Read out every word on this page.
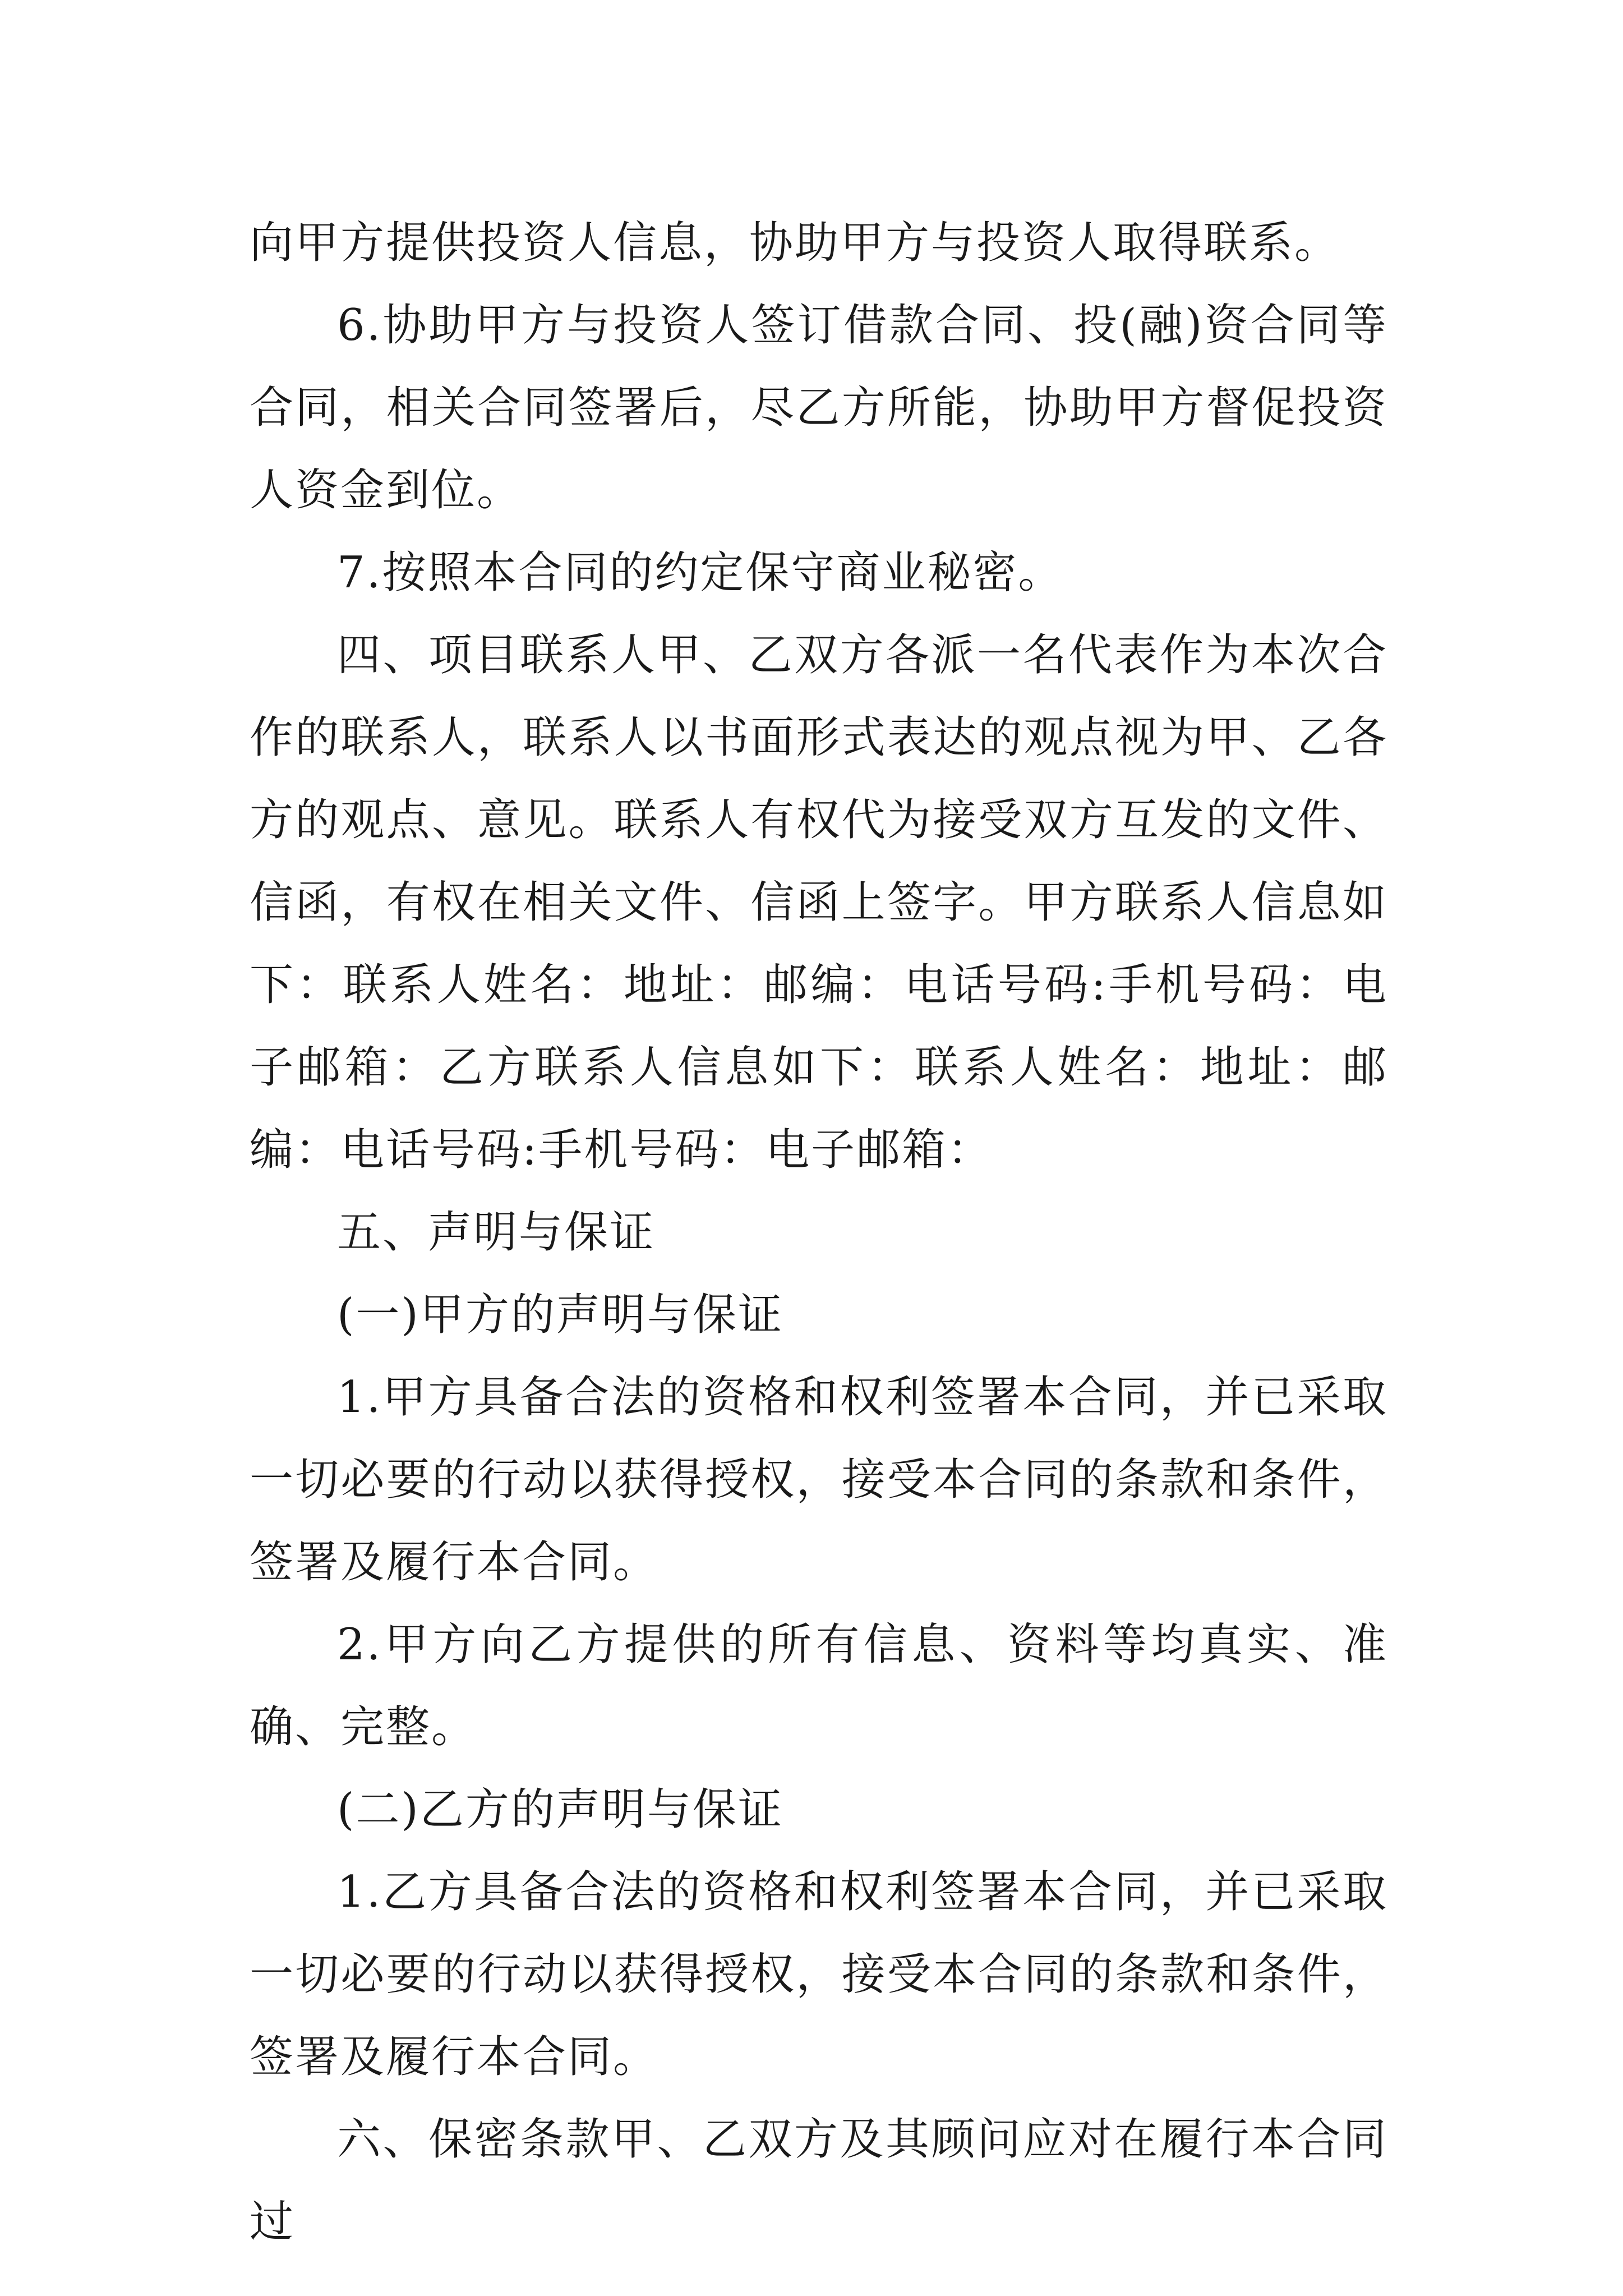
向甲方提供投资人信息，协助甲方与投资人取得联系。

6.协助甲方与投资人签订借款合同、投(融)资合同等合同，相关合同签署后，尽乙方所能，协助甲方督促投资人资金到位。

7.按照本合同的约定保守商业秘密。

四、项目联系人甲、乙双方各派一名代表作为本次合作的联系人，联系人以书面形式表达的观点视为甲、乙各方的观点、意见。联系人有权代为接受双方互发的文件、信函，有权在相关文件、信函上签字。甲方联系人信息如下：联系人姓名：地址：邮编：电话号码:手机号码：电子邮箱：乙方联系人信息如下：联系人姓名：地址：邮编：电话号码:手机号码：电子邮箱：

五、声明与保证

(一)甲方的声明与保证

1.甲方具备合法的资格和权利签署本合同，并已采取一切必要的行动以获得授权，接受本合同的条款和条件，签署及履行本合同。

2.甲方向乙方提供的所有信息、资料等均真实、准确、完整。

(二)乙方的声明与保证

1.乙方具备合法的资格和权利签署本合同，并已采取一切必要的行动以获得授权，接受本合同的条款和条件，签署及履行本合同。

六、保密条款甲、乙双方及其顾问应对在履行本合同过
